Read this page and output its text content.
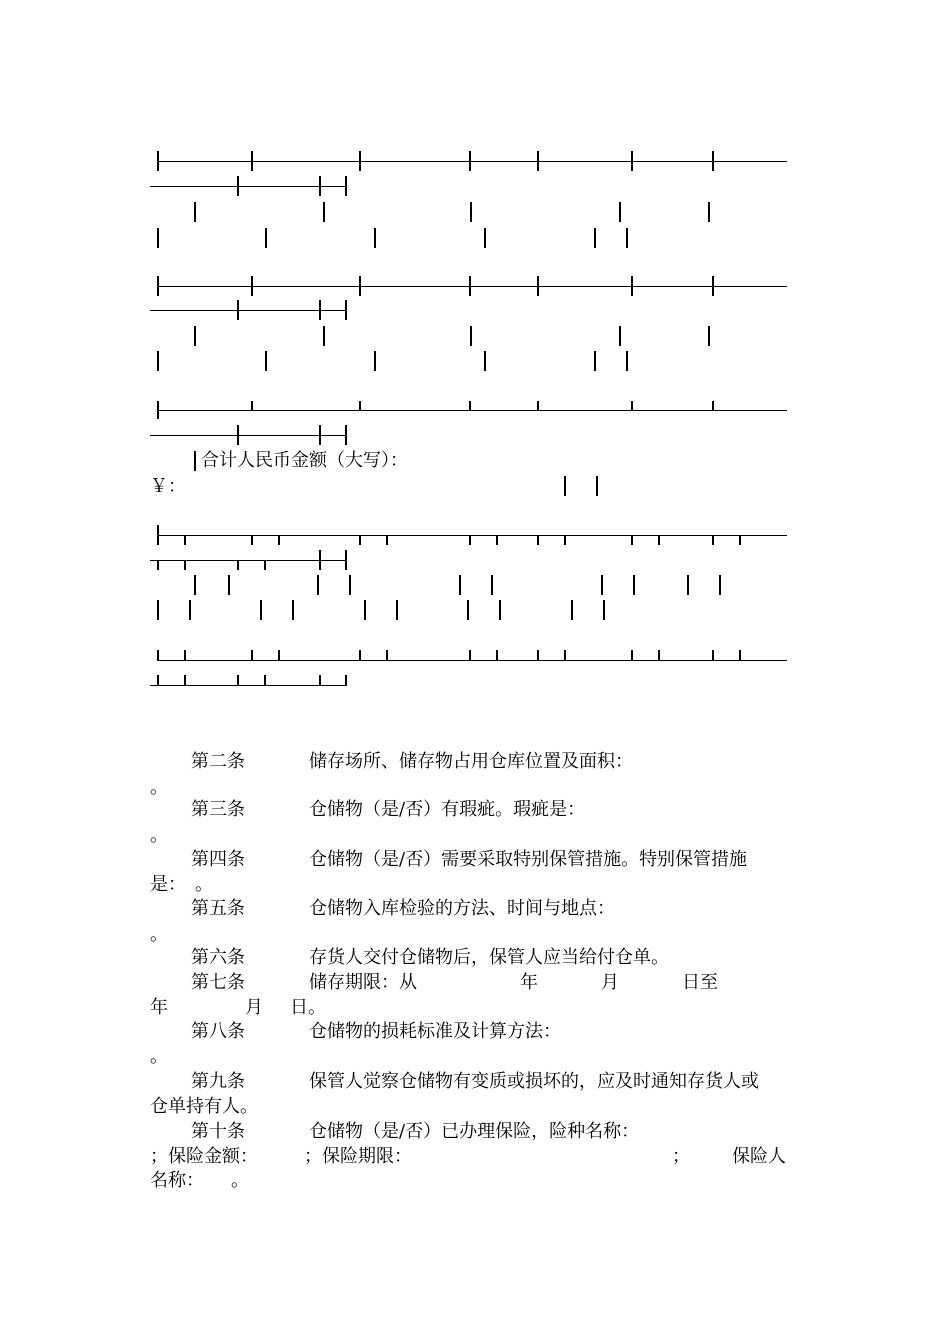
合计人民币金额（大写）：
￥：
第二条	储存场所、储存物占用仓库位置及面积：
。
第三条	仓储物（是/否）有瑕疵。瑕疵是：
。
第四条	仓储物（是/否）需要采取特别保管措施。特别保管措施
是：　。
第五条	仓储物入库检验的方法、时间与地点：
。
第六条	存货人交付仓储物后，保管人应当给付仓单。
第七条	储存期限：从	年	月	日至
年	月 日。
第八条	仓储物的损耗标准及计算方法：
。
第九条	保管人觉察仓储物有变质或损坏的，应及时通知存货人或
仓单持有人。
第十条	仓储物（是/否）已办理保险，险种名称：
；保险金额：	；保险期限：	； 保险人
名称：　　。
